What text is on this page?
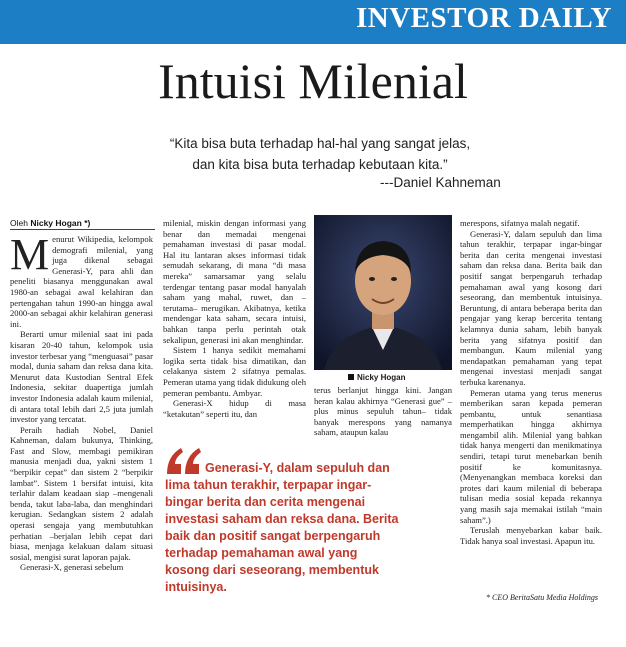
INVESTOR DAILY
Intuisi Milenial
“Kita bisa buta terhadap hal-hal yang sangat jelas,
dan kita bisa buta terhadap kebutaan kita.”
---Daniel Kahneman
Oleh Nicky Hogan *)

Menurut Wikipedia, kelompok demografi milenial, yang juga dikenal sebagai Generasi-Y, para ahli dan peneliti biasanya menggunakan awal 1980-an sebagai awal kelahiran dan pertengahan tahun 1990-an hingga awal 2000-an sebagai akhir kelahiran generasi ini.

Berarti umur milenial saat ini pada kisaran 20-40 tahun, kelompok usia investor terbesar yang “menguasai” pasar modal, dunia saham dan reksa dana kita. Menurut data Kustodian Sentral Efek Indonesia, sekitar duapertiga jumlah investor Indonesia adalah kaum milenial, di antara total lebih dari 2,5 juta jumlah investor yang tercatat.

Peraih hadiah Nobel, Daniel Kahneman, dalam bukunya, Thinking, Fast and Slow, membagi pemikiran manusia menjadi dua, yakni sistem 1 “berpikir cepat” dan sistem 2 “berpikir lambat”. Sistem 1 bersifat intuisi, kita terlahir dalam keadaan siap –mengenali benda, takut laba-laba, dan menghindari kerugian. Sedangkan sistem 2 adalah operasi sengaja yang membutuhkan perhatian –berjalan lebih cepat dari biasa, menjaga kelakuan dalam situasi sosial, mengisi surat laporan pajak.

Generasi-X, generasi sebelum

milenial, miskin dengan informasi yang benar dan memadai mengenai pemahaman investasi di pasar modal. Hal itu lantaran akses informasi tidak semudah sekarang, di mana “di masa mereka” samarsamar yang selalu terdengar tentang pasar modal hanyalah saham yang mahal, ruwet, dan –terutama– merugikan. Akibatnya, ketika mendengar kata saham, secara intuisi, bahkan tanpa perlu perintah otak sekalipun, generasi ini akan menghindar.

Sistem 1 hanya sedikit memahami logika serta tidak bisa dimatikan, dan celakanya sistem 2 sifatnya pemalas. Pemeran utama yang tidak didukung oleh pemeran pembantu. Ambyar.

Generasi-X hidup di masa “ketakutan” seperti itu, dan

Nicky Hogan

terus berlanjut hingga kini. Jangan heran kalau akhirnya “Generasi gue” –plus minus sepuluh tahun– tidak banyak merespons yang namanya saham, ataupun kalau

merespons, sifatnya malah negatif.

Generasi-Y, dalam sepuluh dan lima tahun terakhir, terpapar ingar-bingar berita dan cerita mengenai investasi saham dan reksa dana. Berita baik dan positif sangat berpengaruh terhadap pemahaman awal yang kosong dari seseorang, dan membentuk intuisinya. Beruntung, di antara beberapa berita dan pengajar yang kerap bercerita tentang kelamnya dunia saham, lebih banyak berita yang sifatnya positif dan membangun. Kaum milenial yang mendapatkan pemahaman yang tepat mengenai investasi menjadi sangat terbuka karenanya.

Pemeran utama yang terus menerus memberikan saran kepada pemeran pembantu, untuk senantiasa memperhatikan hingga akhirnya mengambil alih. Milenial yang bahkan tidak hanya mengerti dan menikmatinya sendiri, tetapi turut menebarkan benih positif ke komunitasnya. (Menyenangkan membaca koreksi dan protes dari kaum milenial di beberapa tulisan media sosial kepada rekannya yang masih saja memakai istilah “main saham”.)

Teruslah menyebarkan kabar baik. Tidak hanya soal investasi. Apapun itu.

Generasi-Y, dalam sepuluh dan lima tahun terakhir, terpapar ingar-bingar berita dan cerita mengenai investasi saham dan reksa dana. Berita baik dan positif sangat berpengaruh terhadap pemahaman awal yang kosong dari seseorang, membentuk intuisinya.
* CEO BeritaSatu Media Holdings
